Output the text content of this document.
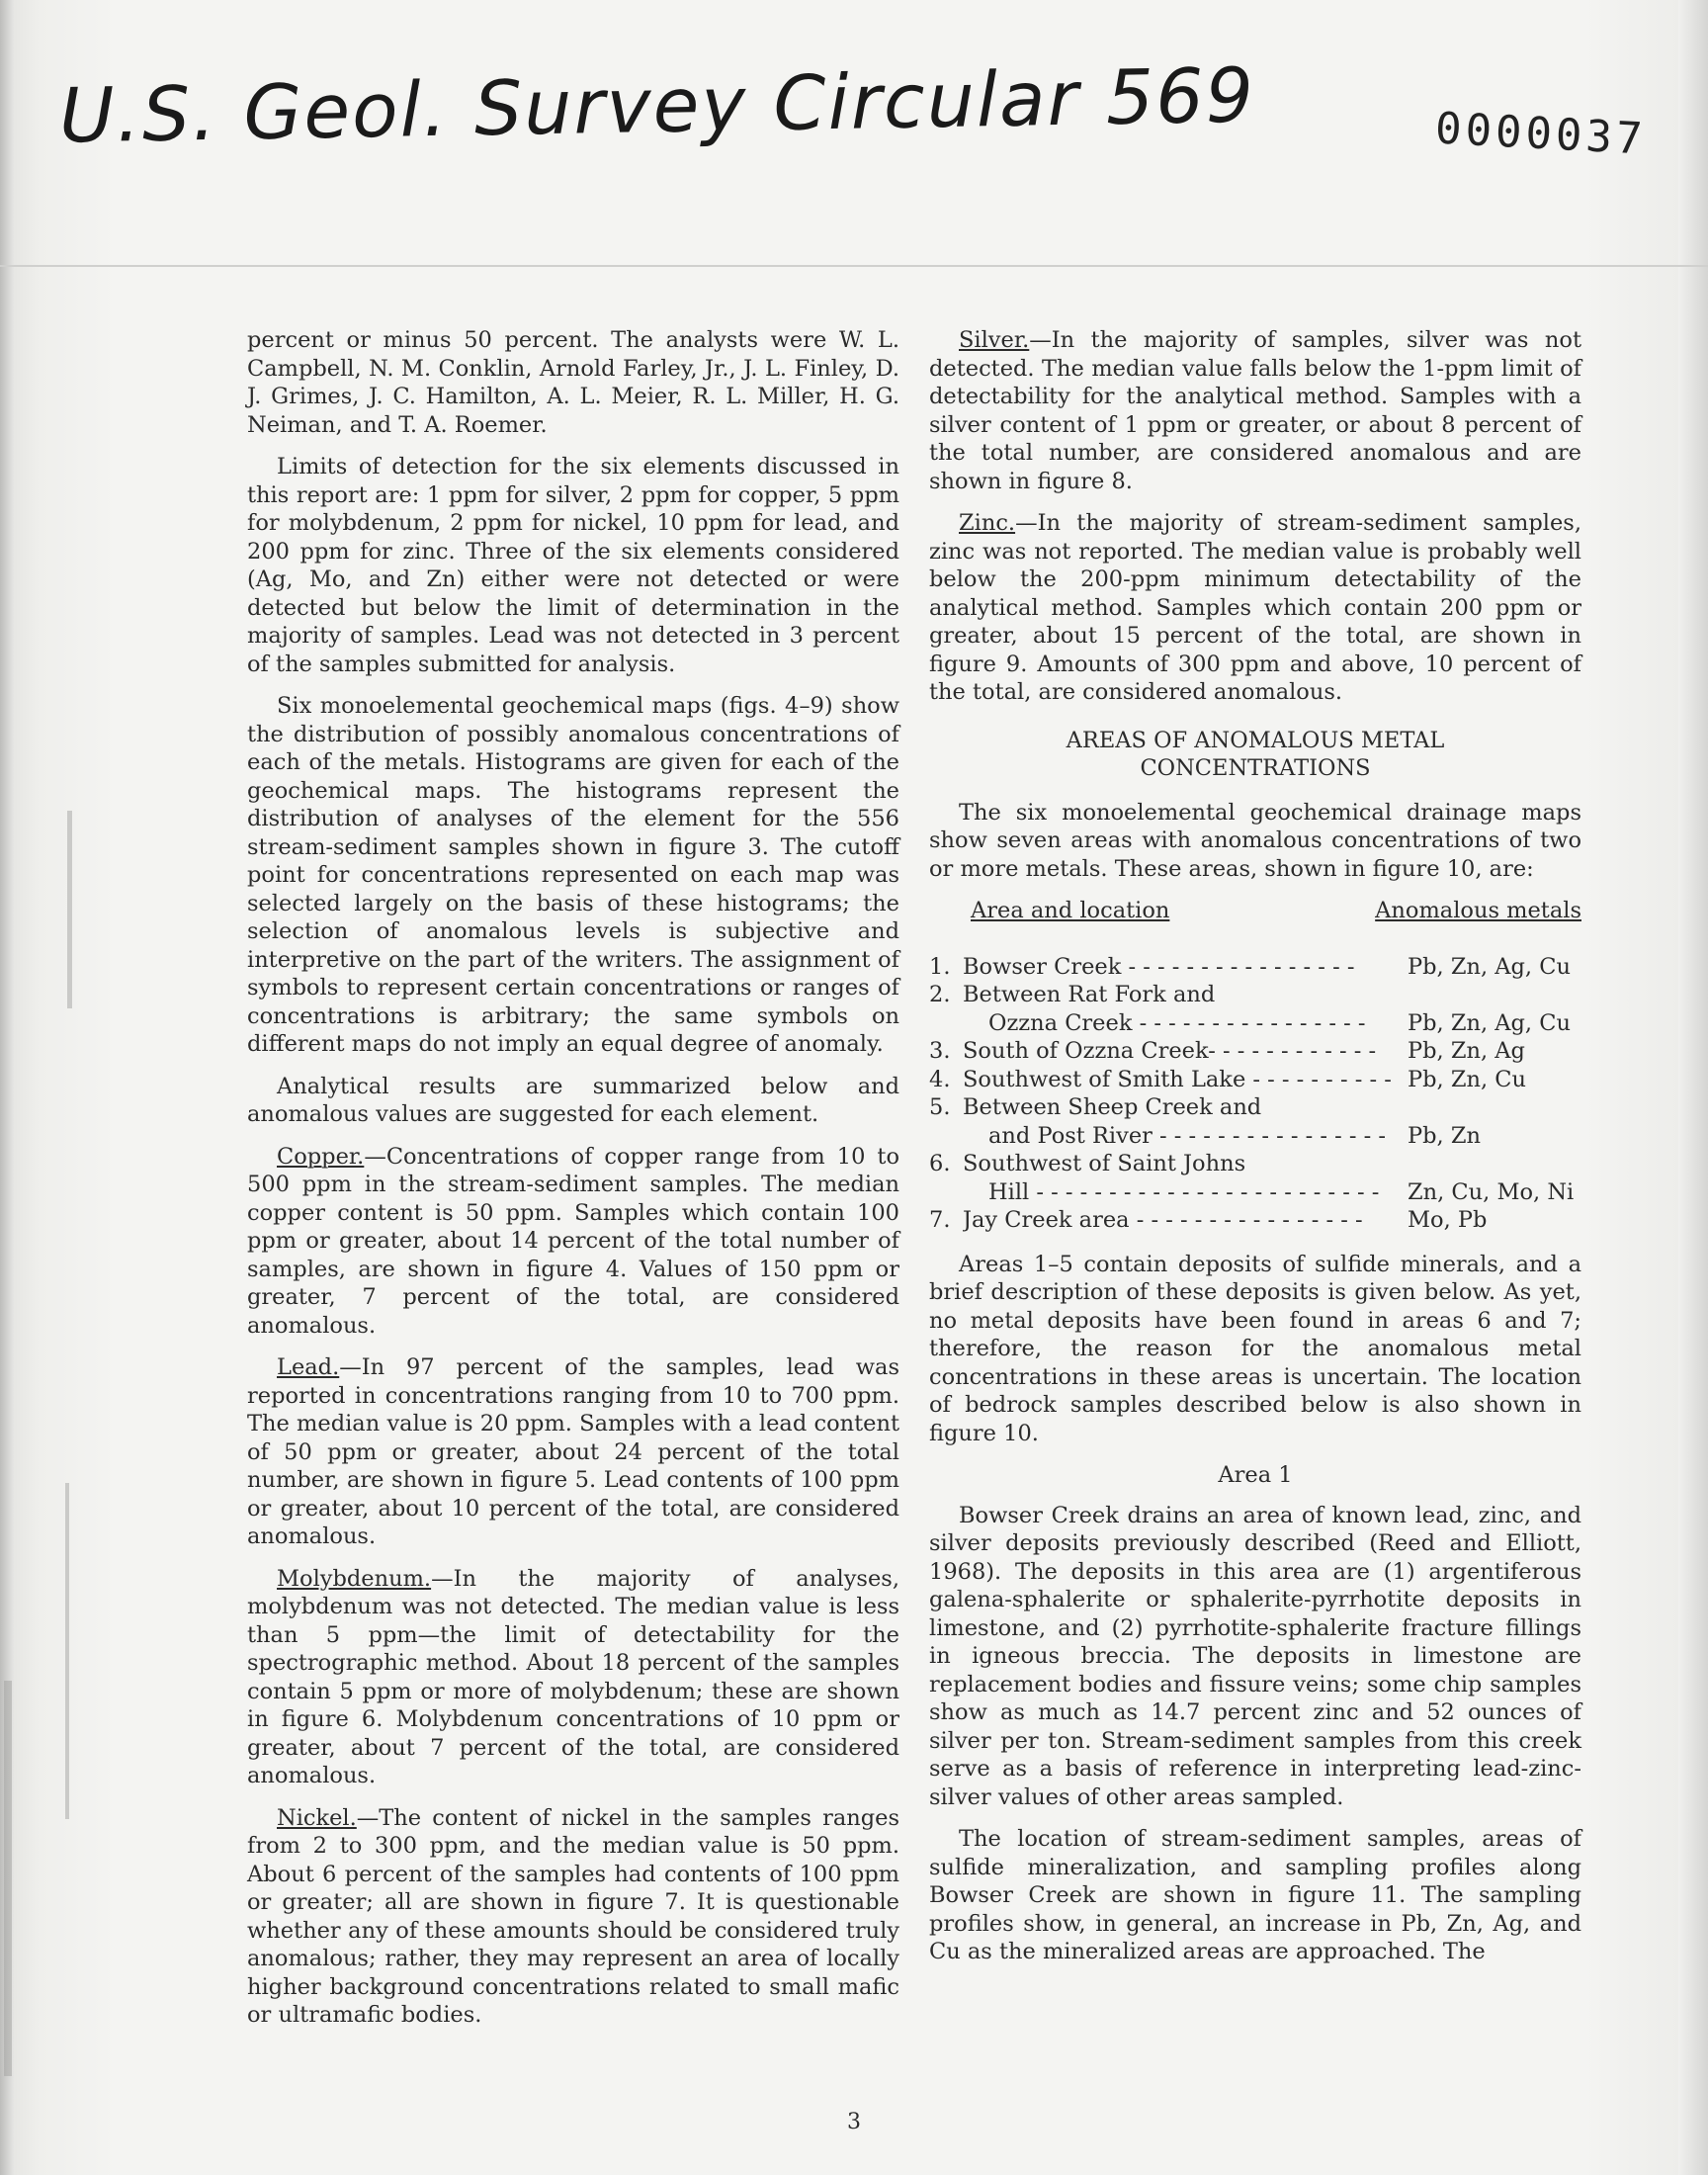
U.S. Geol. Survey Circular 569	0000037

percent or minus 50 percent. The analysts were W. L. Campbell, N. M. Conklin, Arnold Farley, Jr., J. L. Finley, D. J. Grimes, J. C. Hamilton, A. L. Meier, R. L. Miller, H. G. Neiman, and T. A. Roemer.

Limits of detection for the six elements discussed in this report are: 1 ppm for silver, 2 ppm for copper, 5 ppm for molybdenum, 2 ppm for nickel, 10 ppm for lead, and 200 ppm for zinc. Three of the six elements considered (Ag, Mo, and Zn) either were not detected or were detected but below the limit of determination in the majority of samples. Lead was not detected in 3 percent of the samples submitted for analysis.

Six monoelemental geochemical maps (figs. 4–9) show the distribution of possibly anomalous concentrations of each of the metals. Histograms are given for each of the geochemical maps. The histograms represent the distribution of analyses of the element for the 556 stream-sediment samples shown in figure 3. The cutoff point for concentrations represented on each map was selected largely on the basis of these histograms; the selection of anomalous levels is subjective and interpretive on the part of the writers. The assignment of symbols to represent certain concentrations or ranges of concentrations is arbitrary; the same symbols on different maps do not imply an equal degree of anomaly.

Analytical results are summarized below and anomalous values are suggested for each element.

Copper.—Concentrations of copper range from 10 to 500 ppm in the stream-sediment samples. The median copper content is 50 ppm. Samples which contain 100 ppm or greater, about 14 percent of the total number of samples, are shown in figure 4. Values of 150 ppm or greater, 7 percent of the total, are considered anomalous.

Lead.—In 97 percent of the samples, lead was reported in concentrations ranging from 10 to 700 ppm. The median value is 20 ppm. Samples with a lead content of 50 ppm or greater, about 24 percent of the total number, are shown in figure 5. Lead contents of 100 ppm or greater, about 10 percent of the total, are considered anomalous.

Molybdenum.—In the majority of analyses, molybdenum was not detected. The median value is less than 5 ppm—the limit of detectability for the spectrographic method. About 18 percent of the samples contain 5 ppm or more of molybdenum; these are shown in figure 6. Molybdenum concentrations of 10 ppm or greater, about 7 percent of the total, are considered anomalous.

Nickel.—The content of nickel in the samples ranges from 2 to 300 ppm, and the median value is 50 ppm. About 6 percent of the samples had contents of 100 ppm or greater; all are shown in figure 7. It is questionable whether any of these amounts should be considered truly anomalous; rather, they may represent an area of locally higher background concentrations related to small mafic or ultramafic bodies.

Silver.—In the majority of samples, silver was not detected. The median value falls below the 1-ppm limit of detectability for the analytical method. Samples with a silver content of 1 ppm or greater, or about 8 percent of the total number, are considered anomalous and are shown in figure 8.

Zinc.—In the majority of stream-sediment samples, zinc was not reported. The median value is probably well below the 200-ppm minimum detectability of the analytical method. Samples which contain 200 ppm or greater, about 15 percent of the total, are shown in figure 9. Amounts of 300 ppm and above, 10 percent of the total, are considered anomalous.

AREAS OF ANOMALOUS METAL
CONCENTRATIONS

The six monoelemental geochemical drainage maps show seven areas with anomalous concentrations of two or more metals. These areas, shown in figure 10, are:

Area and location	Anomalous metals
1. Bowser Creek - - - - - - - - - - - - - - - -	Pb, Zn, Ag, Cu
2. Between Rat Fork and
Ozzna Creek - - - - - - - - - - - - - - - -	Pb, Zn, Ag, Cu
3. South of Ozzna Creek- - - - - - - - - - - -	Pb, Zn, Ag
4. Southwest of Smith Lake - - - - - - - - - - Pb, Zn, Cu
5. Between Sheep Creek and
and Post River - - - - - - - - - - - - - - - - Pb, Zn
6. Southwest of Saint Johns
Hill - - - - - - - - - - - - - - - - - - - - - - - -	Zn, Cu, Mo, Ni
7. Jay Creek area - - - - - - - - - - - - - - - -	Mo, Pb

Areas 1–5 contain deposits of sulfide minerals, and a brief description of these deposits is given below. As yet, no metal deposits have been found in areas 6 and 7; therefore, the reason for the anomalous metal concentrations in these areas is uncertain. The location of bedrock samples described below is also shown in figure 10.

Area 1

Bowser Creek drains an area of known lead, zinc, and silver deposits previously described (Reed and Elliott, 1968). The deposits in this area are (1) argentiferous galena-sphalerite or sphalerite-pyrrhotite deposits in limestone, and (2) pyrrhotite-sphalerite fracture fillings in igneous breccia. The deposits in limestone are replacement bodies and fissure veins; some chip samples show as much as 14.7 percent zinc and 52 ounces of silver per ton. Stream-sediment samples from this creek serve as a basis of reference in interpreting lead-zinc-silver values of other areas sampled.

The location of stream-sediment samples, areas of sulfide mineralization, and sampling profiles along Bowser Creek are shown in figure 11. The sampling profiles show, in general, an increase in Pb, Zn, Ag, and Cu as the mineralized areas are approached. The

3
